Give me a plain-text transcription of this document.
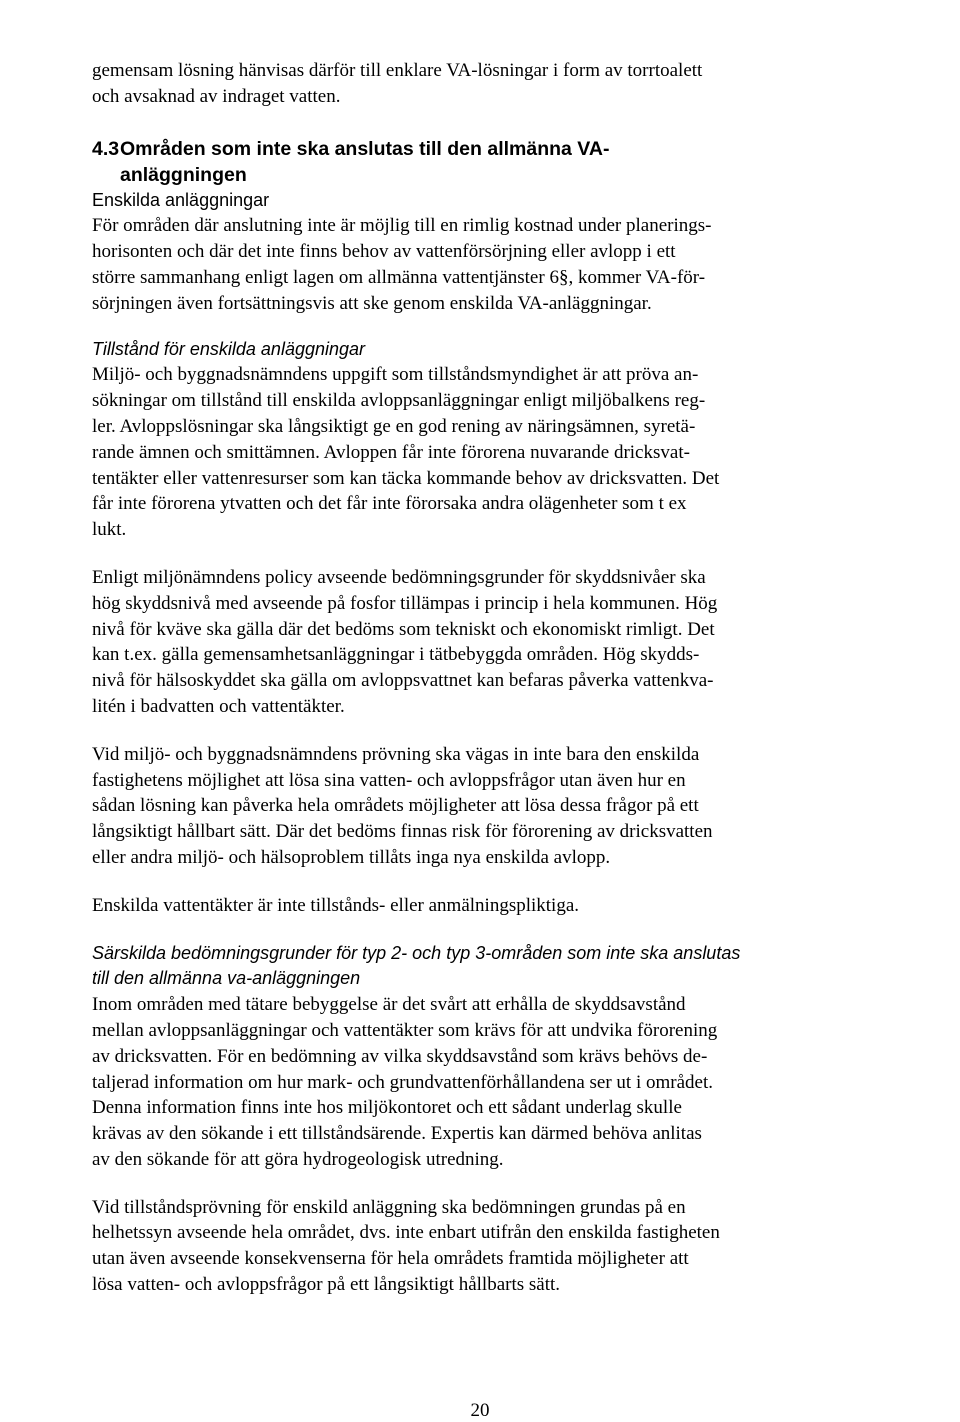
gemensam lösning hänvisas därför till enklare VA-lösningar i form av torrtoalett
och avsaknad av indraget vatten.

4.3 Områden som inte ska anslutas till den allmänna VA-
anläggningen

Enskilda anläggningar

För områden där anslutning inte är möjlig till en rimlig kostnad under planerings-
horisonten och där det inte finns behov av vattenförsörjning eller avlopp i ett
större sammanhang enligt lagen om allmänna vattentjänster 6§, kommer VA-för-
sörjningen även fortsättningsvis att ske genom enskilda VA-anläggningar.

Tillstånd för enskilda anläggningar

Miljö- och byggnadsnämndens uppgift som tillståndsmyndighet är att pröva an-
sökningar om tillstånd till enskilda avloppsanläggningar enligt miljöbalkens reg-
ler. Avloppslösningar ska långsiktigt ge en god rening av näringsämnen, syretä-
rande ämnen och smittämnen. Avloppen får inte förorena nuvarande dricksvat-
tentäkter eller vattenresurser som kan täcka kommande behov av dricksvatten. Det
får inte förorena ytvatten och det får inte förorsaka andra olägenheter som t ex
lukt.

Enligt miljönämndens policy avseende bedömningsgrunder för skyddsnivåer ska
hög skyddsnivå med avseende på fosfor tillämpas i princip i hela kommunen. Hög
nivå för kväve ska gälla där det bedöms som tekniskt och ekonomiskt rimligt. Det
kan t.ex. gälla gemensamhetsanläggningar i tätbebyggda områden. Hög skydds-
nivå för hälsoskyddet ska gälla om avloppsvattnet kan befaras påverka vattenkva-
litén i badvatten och vattentäkter.

Vid miljö- och byggnadsnämndens prövning ska vägas in inte bara den enskilda
fastighetens möjlighet att lösa sina vatten- och avloppsfrågor utan även hur en
sådan lösning kan påverka hela områdets möjligheter att lösa dessa frågor på ett
långsiktigt hållbart sätt. Där det bedöms finnas risk för förorening av dricksvatten
eller andra miljö- och hälsoproblem tillåts inga nya enskilda avlopp.

Enskilda vattentäkter är inte tillstånds- eller anmälningspliktiga.

Särskilda bedömningsgrunder för typ 2- och typ 3-områden som inte ska anslutas
till den allmänna va-anläggningen

Inom områden med tätare bebyggelse är det svårt att erhålla de skyddsavstånd
mellan avloppsanläggningar och vattentäkter som krävs för att undvika förorening
av dricksvatten. För en bedömning av vilka skyddsavstånd som krävs behövs de-
taljerad information om hur mark- och grundvattenförhållandena ser ut i området.
Denna information finns inte hos miljökontoret och ett sådant underlag skulle
krävas av den sökande i ett tillståndsärende. Expertis kan därmed behöva anlitas
av den sökande för att göra hydrogeologisk utredning.

Vid tillståndsprövning för enskild anläggning ska bedömningen grundas på en
helhetssyn avseende hela området, dvs. inte enbart utifrån den enskilda fastigheten
utan även avseende konsekvenserna för hela områdets framtida möjligheter att
lösa vatten- och avloppsfrågor på ett långsiktigt hållbarts sätt.

20
